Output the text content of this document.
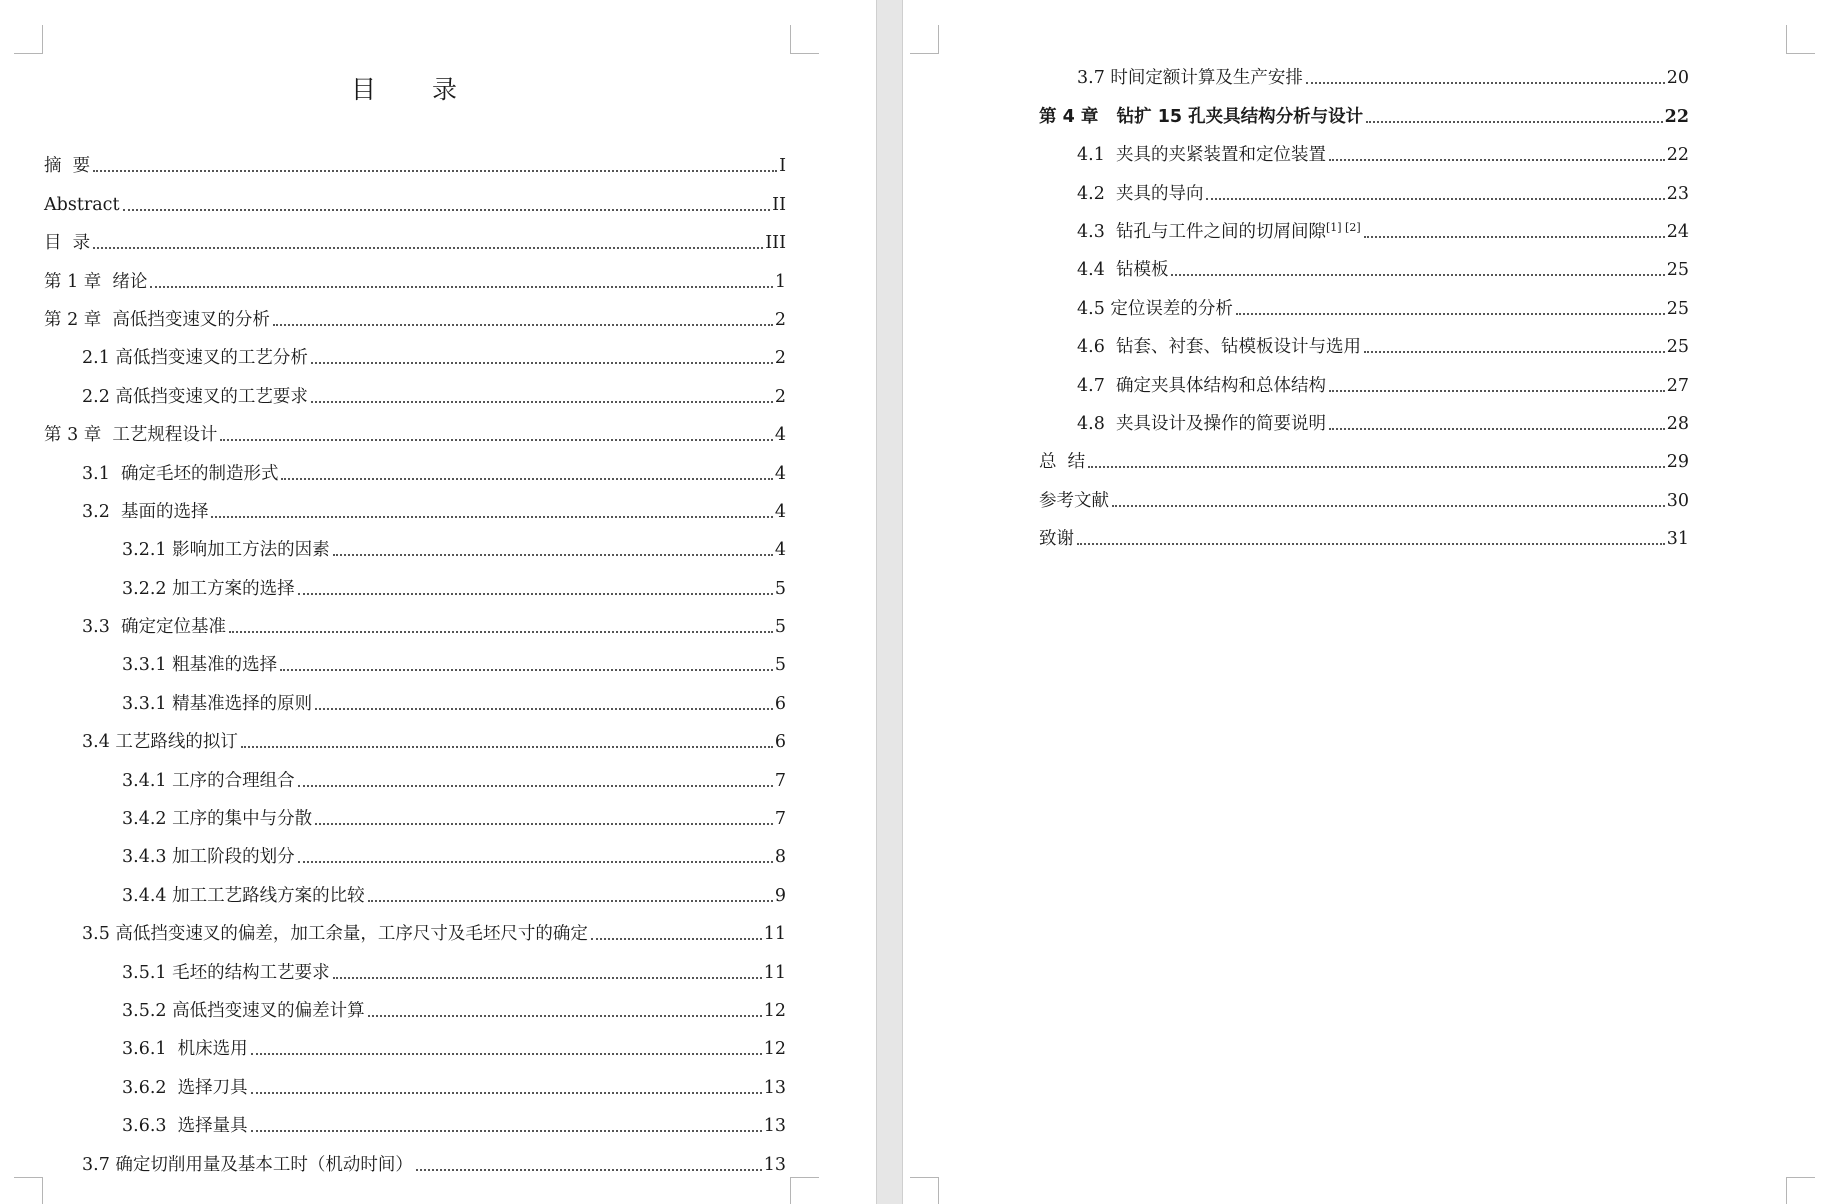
目 录
摘  要	I
Abstract	II
目  录	III
第 1 章  绪论	1
第 2 章  高低挡变速叉的分析	2
2.1 高低挡变速叉的工艺分析	2
2.2 高低挡变速叉的工艺要求	2
第 3 章  工艺规程设计	4
3.1  确定毛坯的制造形式	4
3.2  基面的选择	4
3.2.1 影响加工方法的因素	4
3.2.2 加工方案的选择	5
3.3  确定定位基准	5
3.3.1 粗基准的选择	5
3.3.1 精基准选择的原则	6
3.4 工艺路线的拟订	6
3.4.1 工序的合理组合	7
3.4.2 工序的集中与分散	7
3.4.3 加工阶段的划分	8
3.4.4 加工工艺路线方案的比较	9
3.5 高低挡变速叉的偏差，加工余量，工序尺寸及毛坯尺寸的确定	11
3.5.1 毛坯的结构工艺要求	11
3.5.2 高低挡变速叉的偏差计算	12
3.6.1  机床选用	12
3.6.2  选择刀具	13
3.6.3  选择量具	13
3.7 确定切削用量及基本工时（机动时间）	13
3.7 时间定额计算及生产安排	20
第 4 章   钻扩 15 孔夹具结构分析与设计	22
4.1  夹具的夹紧装置和定位装置	22
4.2  夹具的导向	23
4.3  钻孔与工件之间的切屑间隙[1] [2]	24
4.4  钻模板	25
4.5 定位误差的分析	25
4.6  钻套、衬套、钻模板设计与选用	25
4.7  确定夹具体结构和总体结构	27
4.8  夹具设计及操作的简要说明	28
总  结	29
参考文献	30
致谢	31
